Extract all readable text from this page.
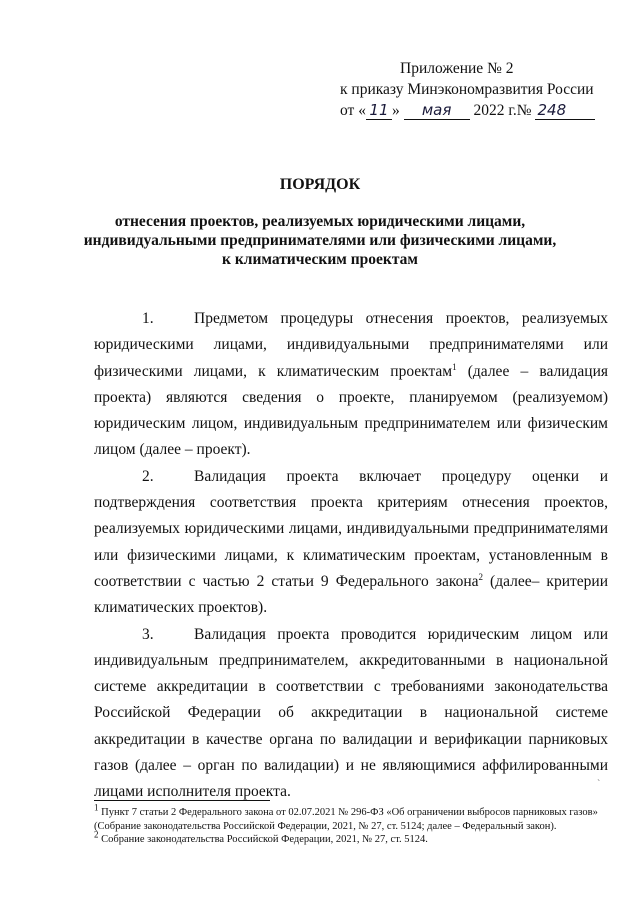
Приложение № 2
к приказу Минэкономразвития России
от « 11 » мая 2022 г.№ 248
ПОРЯДОК
отнесения проектов, реализуемых юридическими лицами,
индивидуальными предпринимателями или физическими лицами,
к климатическим проектам

1.	Предметом процедуры отнесения проектов, реализуемых юридическими лицами, индивидуальными предпринимателями или физическими лицами, к климатическим проектам$^1$ (далее – валидация проекта) являются сведения о проекте, планируемом (реализуемом) юридическим лицом, индивидуальным предпринимателем или физическим лицом (далее – проект).

2.	Валидация проекта включает процедуру оценки и подтверждения соответствия проекта критериям отнесения проектов, реализуемых юридическими лицами, индивидуальными предпринимателями или физическими лицами, к климатическим проектам, установленным в соответствии с частью 2 статьи 9 Федерального закона$^2$ (далее– критерии климатических проектов).

3.	Валидация проекта проводится юридическим лицом или индивидуальным предпринимателем, аккредитованными в национальной системе аккредитации в соответствии с требованиями законодательства Российской Федерации об аккредитации в национальной системе аккредитации в качестве органа по валидации и верификации парниковых газов (далее – орган по валидации) и не являющимися аффилированными лицами исполнителя проекта.	`

$^1$ Пункт 7 статьи 2 Федерального закона от 02.07.2021 № 296-ФЗ «Об ограничении выбросов парниковых газов» (Собрание законодательства Российской Федерации, 2021, № 27, ст. 5124; далее – Федеральный закон).

$^2$ Собрание законодательства Российской Федерации, 2021, № 27, ст. 5124.
